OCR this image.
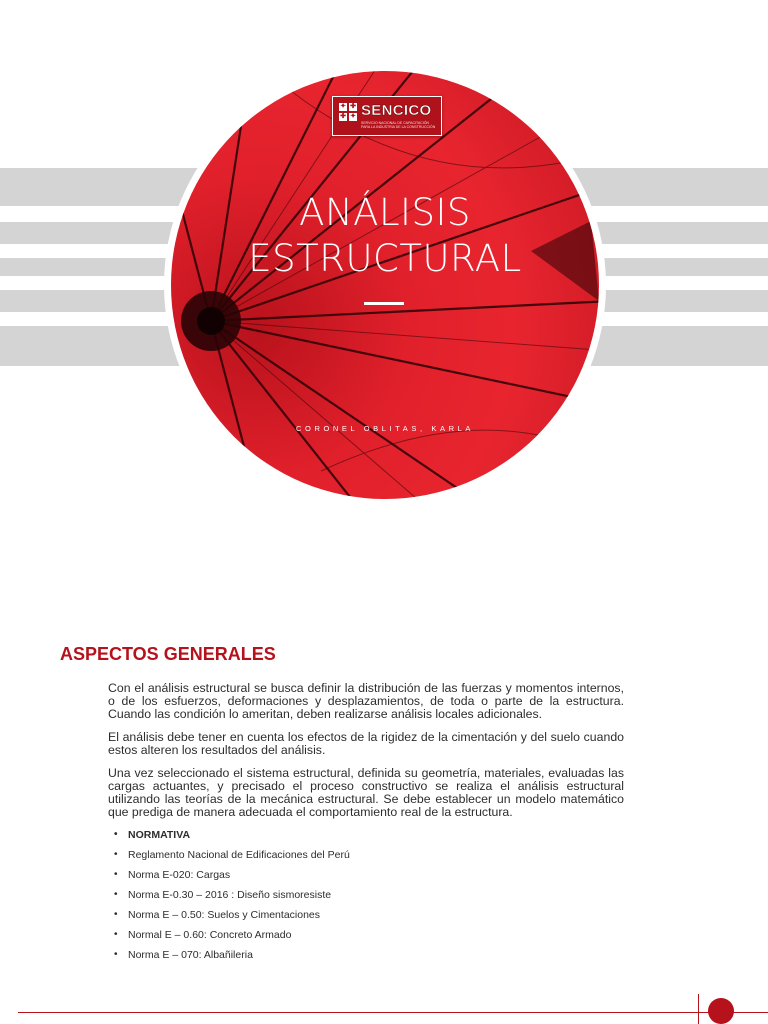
✦ ✚
✚ ✦ SENCICO
SERVICIO NACIONAL DE CAPACITACIÓN PARA LA INDUSTRIA DE LA CONSTRUCCIÓN
ANÁLISIS
ESTRUCTURAL
CORONEL OBLITAS, KARLA
ASPECTOS GENERALES

Con el análisis estructural se busca definir la distribución de las fuerzas y momentos internos, o de los esfuerzos, deformaciones y desplazamientos, de toda o parte de la estructura. Cuando las condición lo ameritan, deben realizarse análisis locales adicionales.

El análisis debe tener en cuenta los efectos de la rigidez de la cimentación y del suelo cuando estos alteren los resultados del análisis.

Una vez seleccionado el sistema estructural, definida su geometría, materiales, evaluadas las cargas actuantes, y precisado el proceso constructivo se realiza el análisis estructural utilizando las teorías de la mecánica estructural. Se debe establecer un modelo matemático que prediga de manera adecuada el comportamiento real de la estructura.

• NORMATIVA
• Reglamento Nacional de Edificaciones del Perú
• Norma E-020: Cargas
• Norma E-0.30 – 2016 : Diseño sismoresiste
• Norma E – 0.50: Suelos y Cimentaciones
• Normal E – 0.60: Concreto Armado
• Norma E – 070: Albañileria
